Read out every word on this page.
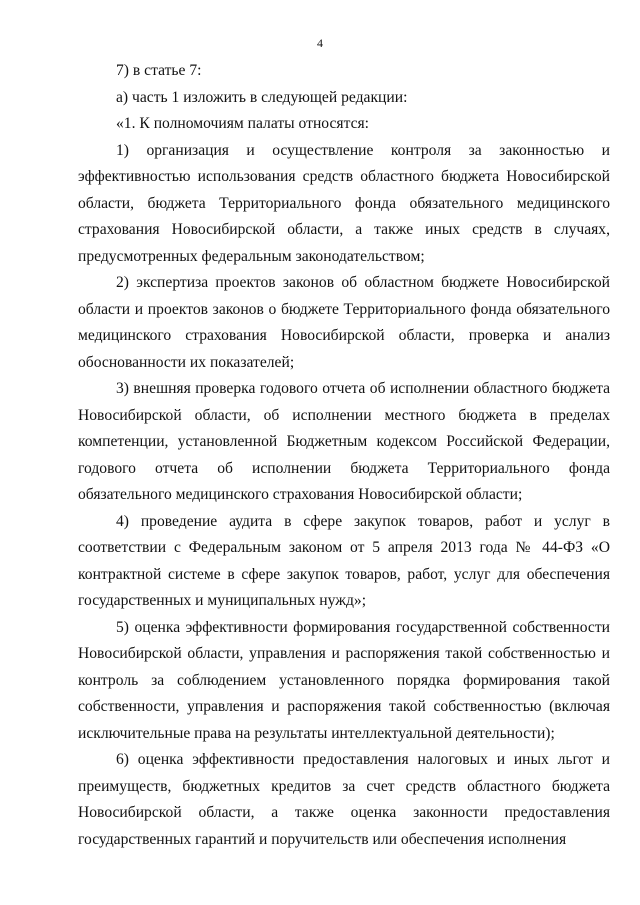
4

7) в статье 7:

а) часть 1 изложить в следующей редакции:

«1. К полномочиям палаты относятся:

1) организация и осуществление контроля за законностью и эффективностью использования средств областного бюджета Новосибирской области, бюджета Территориального фонда обязательного медицинского страхования Новосибирской области, а также иных средств в случаях, предусмотренных федеральным законодательством;

2) экспертиза проектов законов об областном бюджете Новосибирской области и проектов законов о бюджете Территориального фонда обязательного медицинского страхования Новосибирской области, проверка и анализ обоснованности их показателей;

3) внешняя проверка годового отчета об исполнении областного бюджета Новосибирской области, об исполнении местного бюджета в пределах компетенции, установленной Бюджетным кодексом Российской Федерации, годового отчета об исполнении бюджета Территориального фонда обязательного медицинского страхования Новосибирской области;

4) проведение аудита в сфере закупок товаров, работ и услуг в соответствии с Федеральным законом от 5 апреля 2013 года № 44-ФЗ «О контрактной системе в сфере закупок товаров, работ, услуг для обеспечения государственных и муниципальных нужд»;

5) оценка эффективности формирования государственной собственности Новосибирской области, управления и распоряжения такой собственностью и контроль за соблюдением установленного порядка формирования такой собственности, управления и распоряжения такой собственностью (включая исключительные права на результаты интеллектуальной деятельности);

6) оценка эффективности предоставления налоговых и иных льгот и преимуществ, бюджетных кредитов за счет средств областного бюджета Новосибирской области, а также оценка законности предоставления государственных гарантий и поручительств или обеспечения исполнения
